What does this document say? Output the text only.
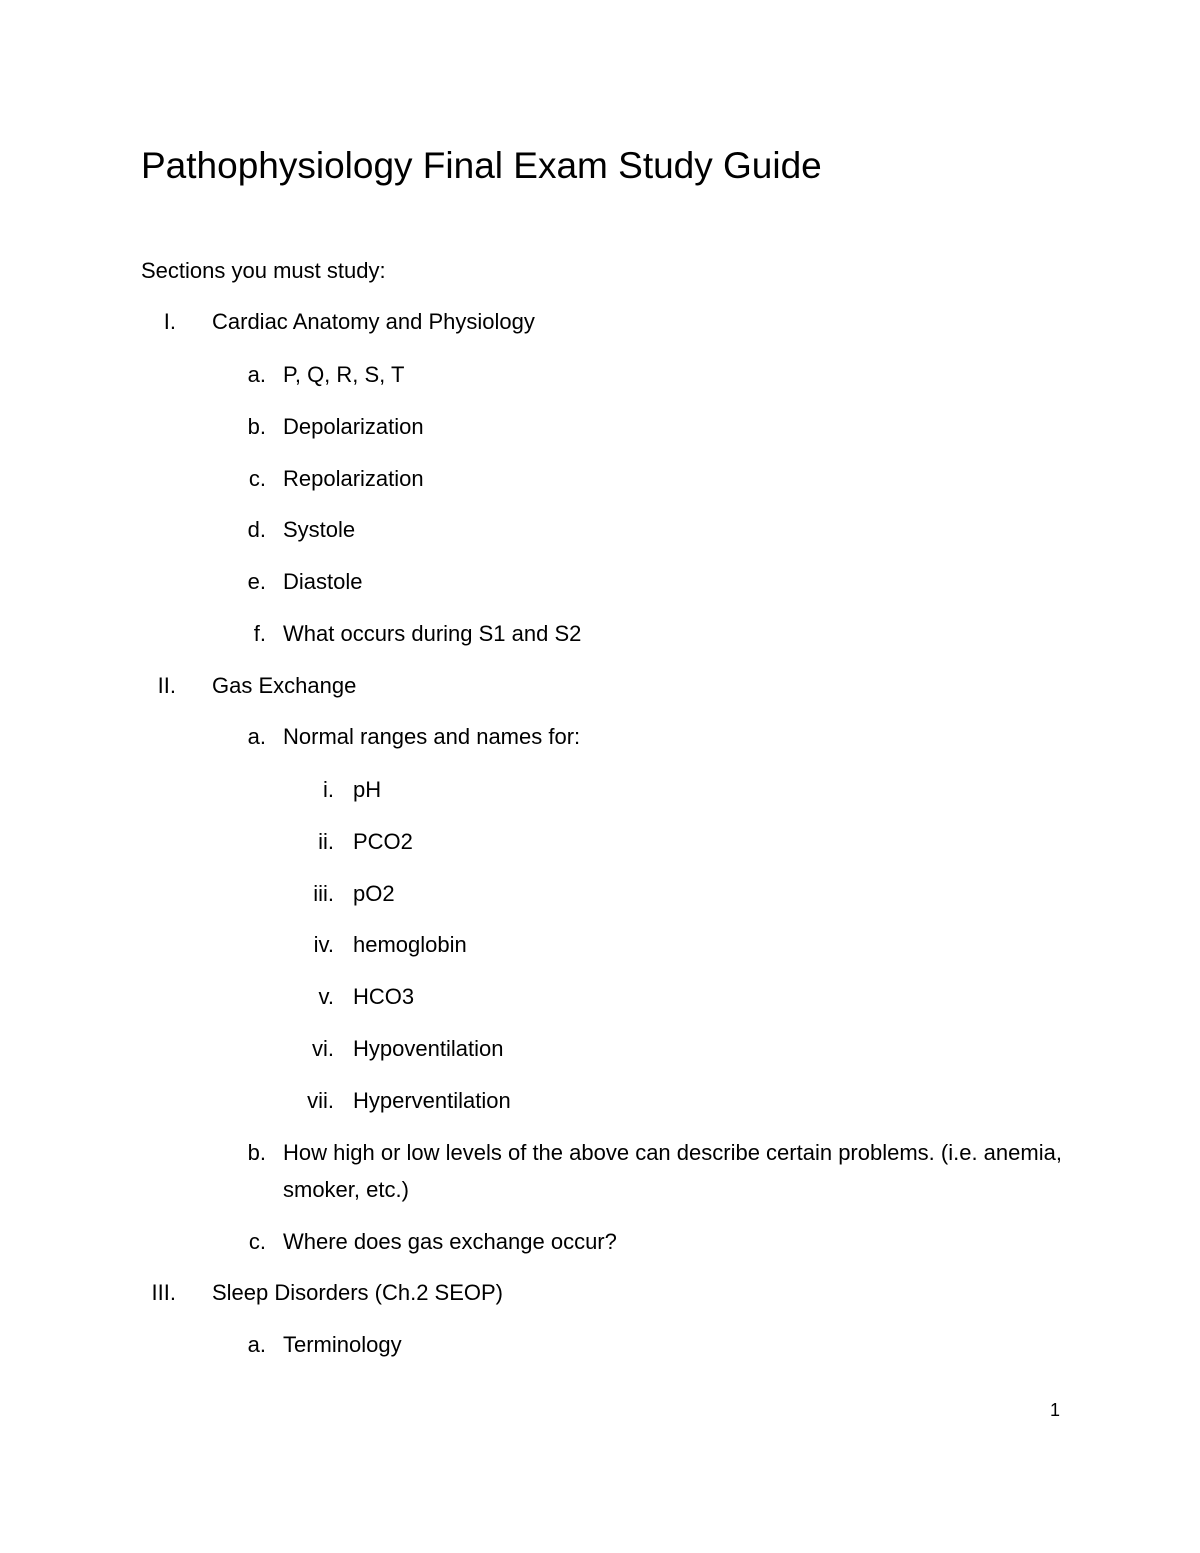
Pathophysiology Final Exam Study Guide
Sections you must study:
I. Cardiac Anatomy and Physiology
a. P, Q, R, S, T
b. Depolarization
c. Repolarization
d. Systole
e. Diastole
f. What occurs during S1 and S2
II. Gas Exchange
a. Normal ranges and names for:
i. pH
ii. PCO2
iii. pO2
iv. hemoglobin
v. HCO3
vi. Hypoventilation
vii. Hyperventilation
b. How high or low levels of the above can describe certain problems. (i.e. anemia, smoker, etc.)
c. Where does gas exchange occur?
III. Sleep Disorders (Ch.2 SEOP)
a. Terminology
1
